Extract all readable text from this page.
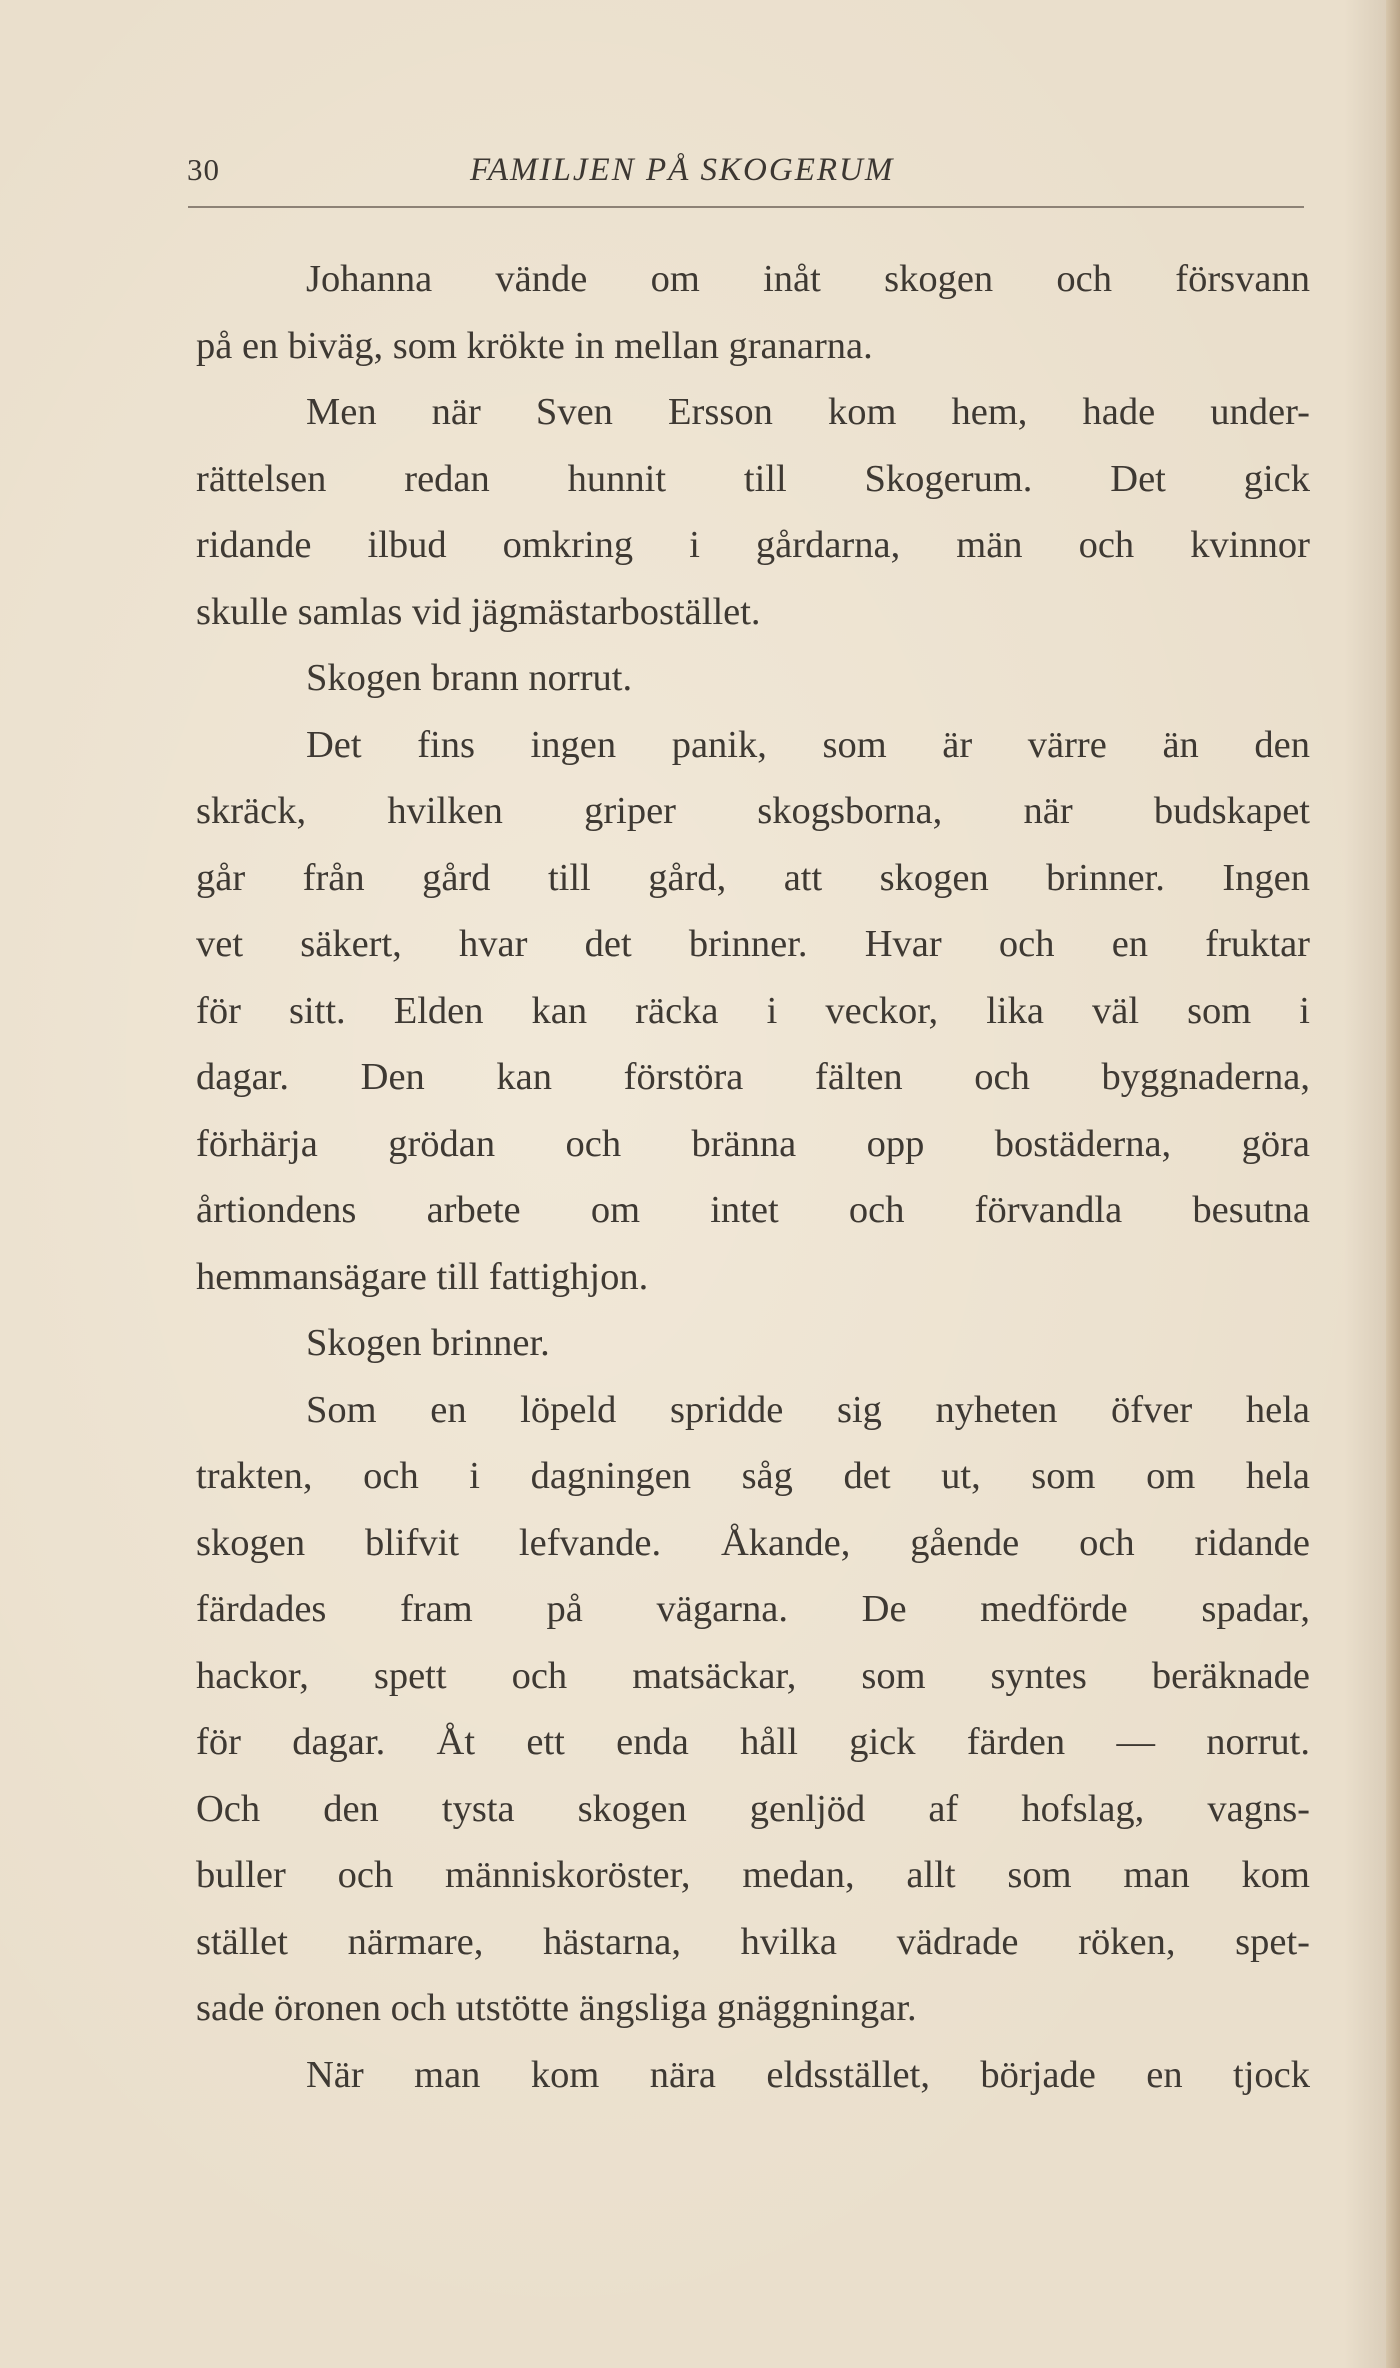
30	FAMILJEN PÅ SKOGERUM
Johanna vände om inåt skogen och försvann
på en biväg, som krökte in mellan granarna.
Men när Sven Ersson kom hem, hade under-
rättelsen redan hunnit till Skogerum. Det gick
ridande ilbud omkring i gårdarna, män och kvinnor
skulle samlas vid jägmästarbostället.
Skogen brann norrut.
Det fins ingen panik, som är värre än den
skräck, hvilken griper skogsborna, när budskapet
går från gård till gård, att skogen brinner. Ingen
vet säkert, hvar det brinner. Hvar och en fruktar
för sitt. Elden kan räcka i veckor, lika väl som i
dagar. Den kan förstöra fälten och byggnaderna,
förhärja grödan och bränna opp bostäderna, göra
årtiondens arbete om intet och förvandla besutna
hemmansägare till fattighjon.
Skogen brinner.
Som en löpeld spridde sig nyheten öfver hela
trakten, och i dagningen såg det ut, som om hela
skogen blifvit lefvande. Åkande, gående och ridande
färdades fram på vägarna. De medförde spadar,
hackor, spett och matsäckar, som syntes beräknade
för dagar. Åt ett enda håll gick färden — norrut.
Och den tysta skogen genljöd af hofslag, vagns-
buller och människoröster, medan, allt som man kom
stället närmare, hästarna, hvilka vädrade röken, spet-
sade öronen och utstötte ängsliga gnäggningar.
När man kom nära eldsstället, började en tjock
